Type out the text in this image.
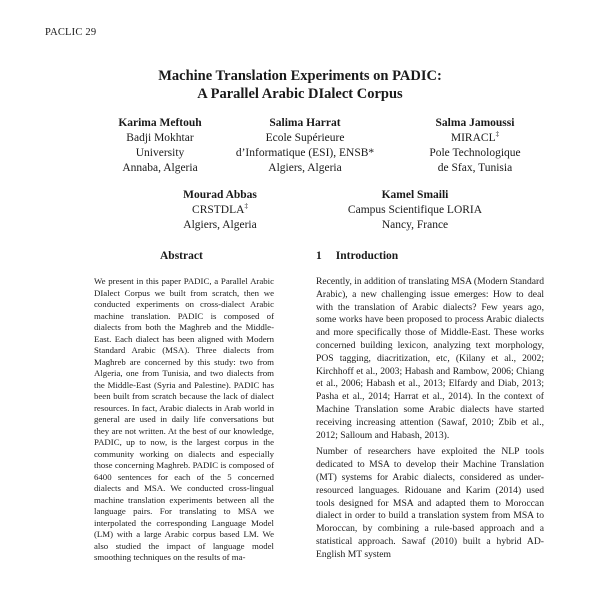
PACLIC 29
Machine Translation Experiments on PADIC:
A Parallel Arabic DIalect Corpus
Karima Meftouh
Badji Mokhtar
University
Annaba, Algeria
Salima Harrat
Ecole Supérieure
d’Informatique (ESI), ENSB*
Algiers, Algeria
Salma Jamoussi
MIRACL‡
Pole Technologique
de Sfax, Tunisia
Mourad Abbas
CRSTDLA‡
Algiers, Algeria
Kamel Smaili
Campus Scientifique LORIA
Nancy, France
Abstract	1 Introduction
We present in this paper PADIC, a Parallel Arabic DIalect Corpus we built from scratch, then we conducted experiments on cross-dialect Arabic machine translation. PADIC is composed of dialects from both the Maghreb and the Middle-East. Each dialect has been aligned with Modern Standard Arabic (MSA). Three dialects from Maghreb are concerned by this study: two from Algeria, one from Tunisia, and two dialects from the Middle-East (Syria and Palestine). PADIC has been built from scratch because the lack of dialect resources. In fact, Arabic dialects in Arab world in general are used in daily life conversations but they are not written. At the best of our knowledge, PADIC, up to now, is the largest corpus in the community working on dialects and especially those concerning Maghreb. PADIC is composed of 6400 sentences for each of the 5 concerned dialects and MSA. We conducted cross-lingual machine translation experiments between all the language pairs. For translating to MSA we interpolated the corresponding Language Model (LM) with a large Arabic corpus based LM. We also studied the impact of language model smoothing techniques on the results of ma-

Recently, in addition of translating MSA (Modern Standard Arabic), a new challenging issue emerges: How to deal with the translation of Arabic dialects? Few years ago, some works have been proposed to process Arabic dialects and more specifically those of Middle-East. These works concerned building lexicon, analyzing text morphology, POS tagging, diacritization, etc, (Kilany et al., 2002; Kirchhoff et al., 2003; Habash and Rambow, 2006; Chiang et al., 2006; Habash et al., 2013; Elfardy and Diab, 2013; Pasha et al., 2014; Harrat et al., 2014). In the context of Machine Translation some Arabic dialects have started receiving increasing attention (Sawaf, 2010; Zbib et al., 2012; Salloum and Habash, 2013).

Number of researchers have exploited the NLP tools dedicated to MSA to develop their Machine Translation (MT) systems for Arabic dialects, considered as under-resourced languages. Ridouane and Karim (2014) used tools designed for MSA and adapted them to Moroccan dialect in order to build a translation system from MSA to Moroccan, by combining a rule-based approach and a statistical approach. Sawaf (2010) built a hybrid AD-English MT system
